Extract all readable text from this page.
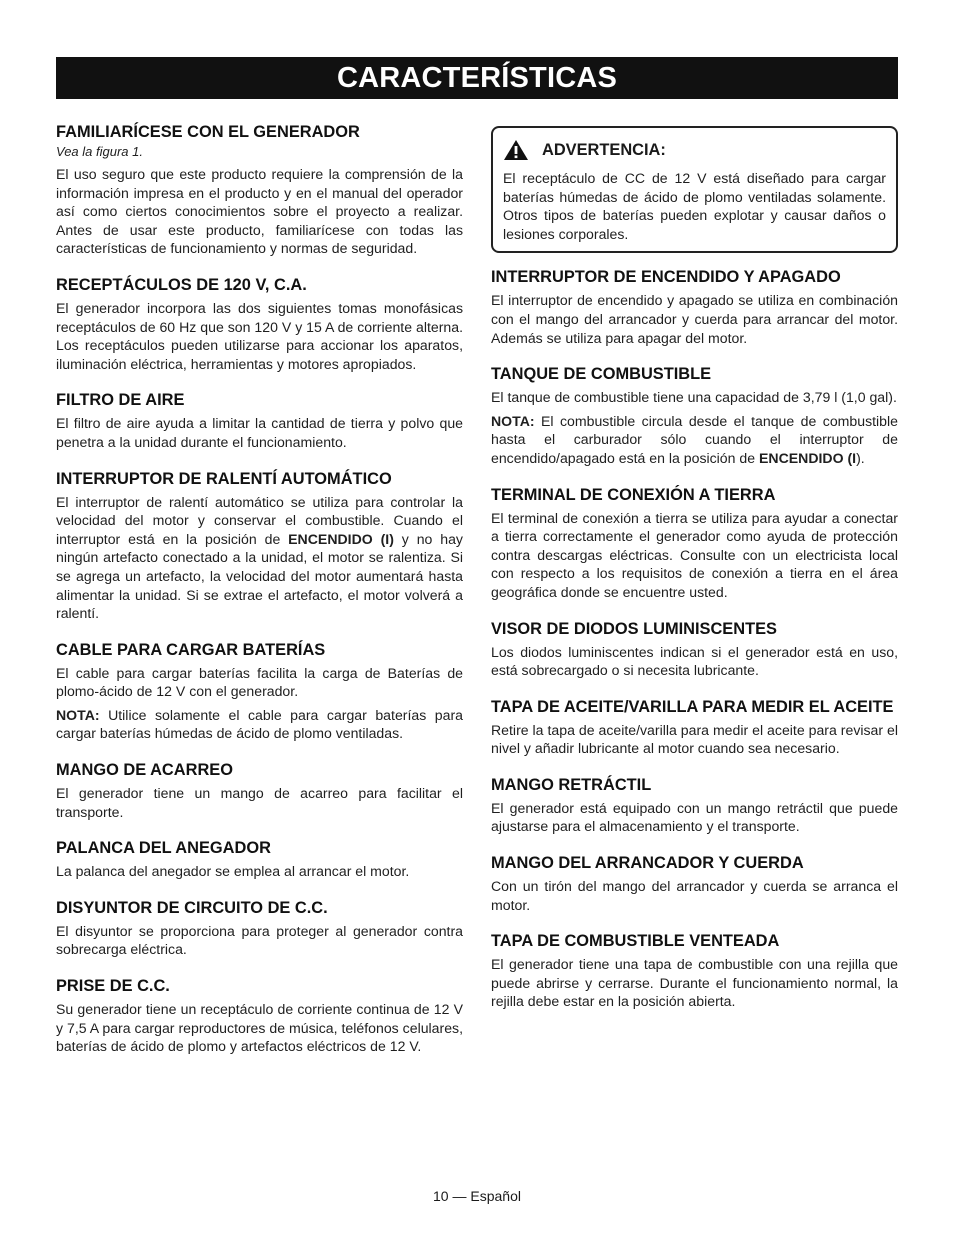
CARACTERÍSTICAS
FAMILIARÍCESE CON EL GENERADOR

Vea la figura 1.

El uso seguro que este producto requiere la comprensión de la información impresa en el producto y en el manual del operador así como ciertos conocimientos sobre el proyecto a realizar. Antes de usar este producto, familiarícese con todas las características de funcionamiento y normas de seguridad.

RECEPTÁCULOS DE 120 V, C.A.

El generador incorpora las dos siguientes tomas monofásicas receptáculos de 60 Hz que son 120 V y 15 A de corriente alterna. Los receptáculos pueden utilizarse para accionar los aparatos, iluminación eléctrica, herramientas y motores apropiados.

FILTRO DE AIRE

El filtro de aire ayuda a limitar la cantidad de tierra y polvo que penetra a la unidad durante el funcionamiento.

INTERRUPTOR DE RALENTÍ AUTOMÁTICO

El interruptor de ralentí automático se utiliza para controlar la velocidad del motor y conservar el combustible. Cuando el interruptor está en la posición de ENCENDIDO (I) y no hay ningún artefacto conectado a la unidad, el motor se ralentiza. Si se agrega un artefacto, la velocidad del motor aumentará hasta alimentar la unidad. Si se extrae el artefacto, el motor volverá a ralentí.

CABLE PARA CARGAR BATERÍAS

El cable para cargar baterías facilita la carga de Baterías de plomo-ácido de 12 V con el generador.

NOTA: Utilice solamente el cable para cargar baterías para cargar baterías húmedas de ácido de plomo ventiladas.

MANGO DE ACARREO

El generador tiene un mango de acarreo para facilitar el transporte.

PALANCA DEL ANEGADOR

La palanca del anegador se emplea al arrancar el motor.

DISYUNTOR DE CIRCUITO DE C.C.

El disyuntor se proporciona para proteger al generador contra sobrecarga eléctrica.

PRISE DE C.C.

Su generador tiene un receptáculo de corriente continua de 12 V y 7,5 A para cargar reproductores de música, teléfonos celulares, baterías de ácido de plomo y artefactos eléctricos de 12 V.

ADVERTENCIA:

El receptáculo de CC de 12 V está diseñado para cargar baterías húmedas de ácido de plomo ventiladas solamente. Otros tipos de baterías pueden explotar y causar daños o lesiones corporales.

INTERRUPTOR DE ENCENDIDO Y APAGADO

El interruptor de encendido y apagado se utiliza en combinación con el mango del arrancador y cuerda para arrancar del motor. Además se utiliza para apagar del motor.

TANQUE DE COMBUSTIBLE

El tanque de combustible tiene una capacidad de 3,79 l (1,0 gal).

NOTA: El combustible circula desde el tanque de combustible hasta el carburador sólo cuando el interruptor de encendido/apagado está en la posición de ENCENDIDO (I).

TERMINAL DE CONEXIÓN A TIERRA

El terminal de conexión a tierra se utiliza para ayudar a conectar a tierra correctamente el generador como ayuda de protección contra descargas eléctricas. Consulte con un electricista local con respecto a los requisitos de conexión a tierra en el área geográfica donde se encuentre usted.

VISOR DE DIODOS LUMINISCENTES

Los diodos luminiscentes indican si el generador está en uso, está sobrecargado o si necesita lubricante.

TAPA DE ACEITE/VARILLA PARA MEDIR EL ACEITE

Retire la tapa de aceite/varilla para medir el aceite para revisar el nivel y añadir lubricante al motor cuando sea necesario.

MANGO RETRÁCTIL

El generador está equipado con un mango retráctil que puede ajustarse para el almacenamiento y el transporte.

MANGO DEL ARRANCADOR Y CUERDA

Con un tirón del mango del arrancador y cuerda se arranca el motor.

TAPA DE COMBUSTIBLE VENTEADA

El generador tiene una tapa de combustible con una rejilla que puede abrirse y cerrarse. Durante el funcionamiento normal, la rejilla debe estar en la posición abierta.

10 — Español
